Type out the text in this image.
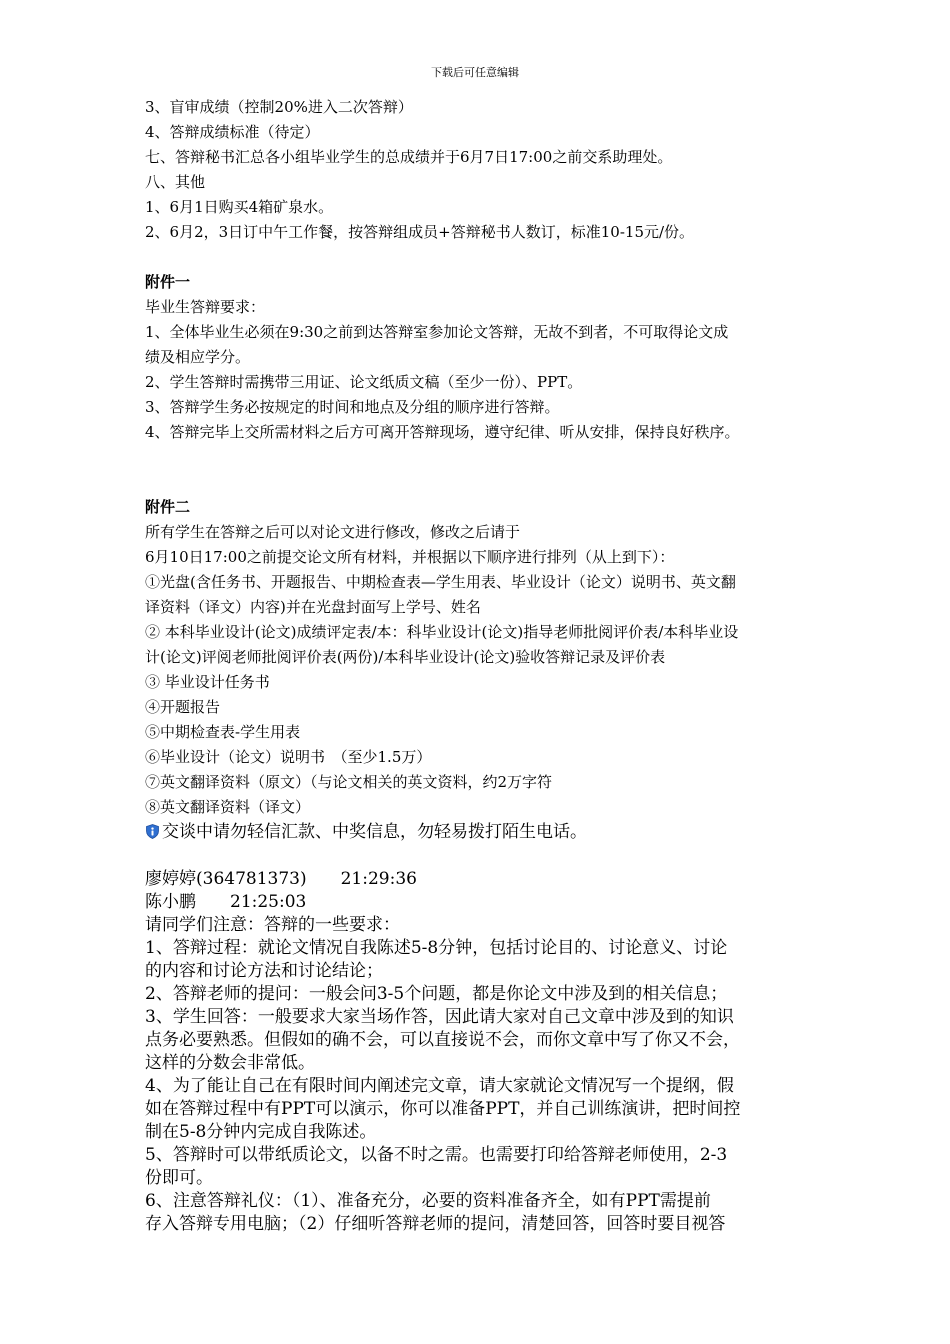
下载后可任意编辑

3、盲审成绩（控制20%进入二次答辩）

4、答辩成绩标准（待定）

七、答辩秘书汇总各小组毕业学生的总成绩并于6月7日17:00之前交系助理处。

八、其他

1、6月1日购买4箱矿泉水。

2、6月2，3日订中午工作餐，按答辩组成员+答辩秘书人数订，标准10-15元/份。

附件一

毕业生答辩要求：

1、全体毕业生必须在9:30之前到达答辩室参加论文答辩，无故不到者，不可取得论文成

绩及相应学分。

2、学生答辩时需携带三用证、论文纸质文稿（至少一份）、PPT。

3、答辩学生务必按规定的时间和地点及分组的顺序进行答辩。

4、答辩完毕上交所需材料之后方可离开答辩现场，遵守纪律、听从安排，保持良好秩序。

附件二

所有学生在答辩之后可以对论文进行修改，修改之后请于

6月10日17:00之前提交论文所有材料，并根据以下顺序进行排列（从上到下）：

①光盘(含任务书、开题报告、中期检查表—学生用表、毕业设计（论文）说明书、英文翻

译资料（译文）内容)并在光盘封面写上学号、姓名

② 本科毕业设计(论文)成绩评定表/本：科毕业设计(论文)指导老师批阅评价表/本科毕业设

计(论文)评阅老师批阅评价表(两份)/本科毕业设计(论文)验收答辩记录及评价表

③ 毕业设计任务书

④开题报告

⑤中期检查表-学生用表

⑥毕业设计（论文）说明书　（至少1.5万）

⑦英文翻译资料（原文）（与论文相关的英文资料，约2万字符

⑧英文翻译资料（译文）

交谈中请勿轻信汇款、中奖信息，勿轻易拨打陌生电话。

廖婷婷(364781373)　　21:29:36

陈小鹏　　21:25:03

请同学们注意：答辩的一些要求：

1、答辩过程：就论文情况自我陈述5-8分钟，包括讨论目的、讨论意义、讨论

的内容和讨论方法和讨论结论；

2、答辩老师的提问：一般会问3-5个问题，都是你论文中涉及到的相关信息；

3、学生回答：一般要求大家当场作答，因此请大家对自己文章中涉及到的知识

点务必要熟悉。但假如的确不会，可以直接说不会，而你文章中写了你又不会，

这样的分数会非常低。

4、为了能让自己在有限时间内阐述完文章，请大家就论文情况写一个提纲，假

如在答辩过程中有PPT可以演示，你可以准备PPT，并自己训练演讲，把时间控

制在5-8分钟内完成自我陈述。

5、答辩时可以带纸质论文，以备不时之需。也需要打印给答辩老师使用，2-3

份即可。

6、注意答辩礼仪：（1）、准备充分，必要的资料准备齐全，如有PPT需提前

存入答辩专用电脑；（2）仔细听答辩老师的提问，清楚回答，回答时要目视答
